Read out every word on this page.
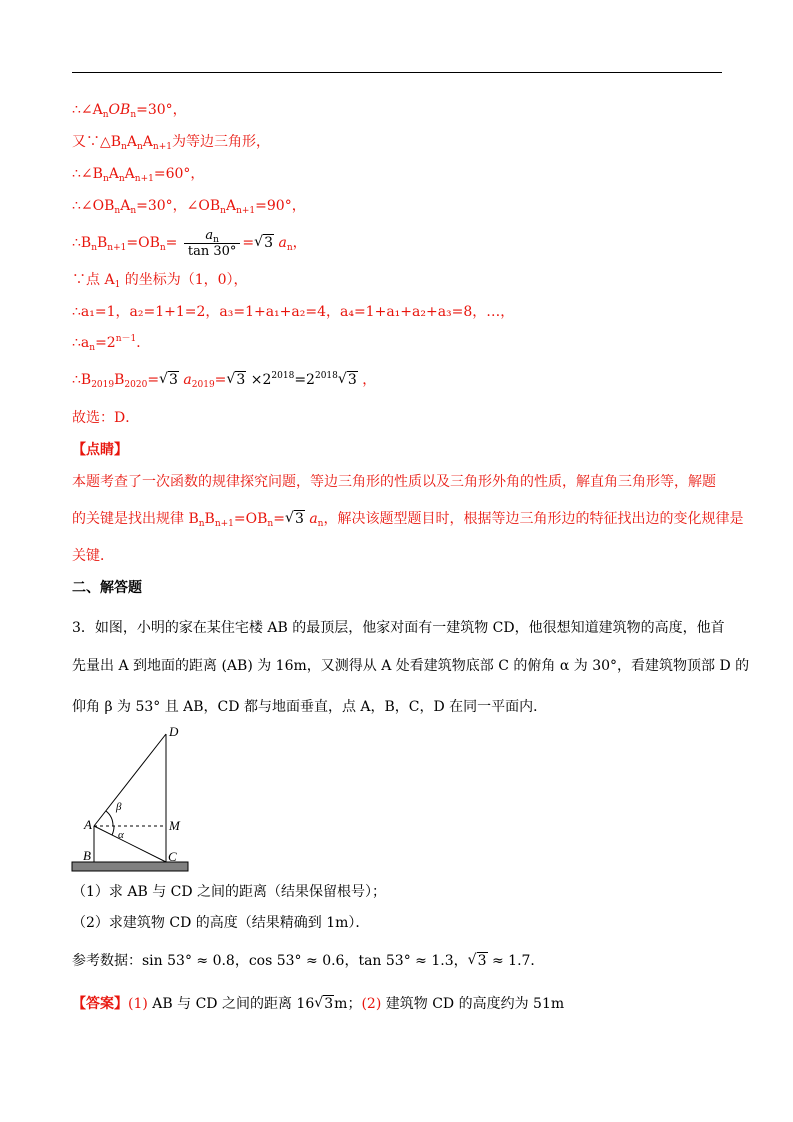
$\therefore\angle A_nOB_n=30^\circ$，
又$\because\triangle B_nA_nA_{n+1}$为等边三角形，
$\therefore\angle B_nA_nA_{n+1}=60^\circ$，
$\therefore\angle OB_nA_n=30^\circ$，$\angle OB_nA_{n+1}=90^\circ$，
$\therefore B_nB_{n+1}=OB_n= \frac{a_n}{\tan 30^\circ}$ =√ 3 $a_n$，
∵点 $A_1$ 的坐标为（1，0），
∴a₁=1，a₂=1+1=2，a₃=1+a₁+a₂=4，a₄=1+a₁+a₂+a₃=8，…，
$\therefore a_n=2^{n-1}$．
$\therefore B_{2019}B_{2020}=√$ 3 $a_{2019}=√$ $3 \times 2^{2018}=2^{2018}√$ 3 ，
故选：D．
【点睛】
本题考查了一次函数的规律探究问题，等边三角形的性质以及三角形外角的性质，解直角三角形等，解题
的关键是找出规律 $B_nB_{n+1}=OB_n=√$ 3 $a_n$，解决该题型题目时，根据等边三角形边的特征找出边的变化规律是
关键．
二、解答题
3．如图，小明的家在某住宅楼 AB 的最顶层，他家对面有一建筑物 CD，他很想知道建筑物的高度，他首
先量出 A 到地面的距离 (AB) 为 16m，又测得从 A 处看建筑物底部 C 的俯角 α 为 30°，看建筑物顶部 D 的
仰角 β 为 53° 且 AB，CD 都与地面垂直，点 A，B，C，D 在同一平面内．
D
A	M
B	C
β
α
（1）求 AB 与 CD 之间的距离（结果保留根号）；
（2）求建筑物 CD 的高度（结果精确到 1m）．
参考数据：sin 53° ≈ 0.8，cos 53° ≈ 0.6，tan 53° ≈ 1.3，√ 3 ≈ 1.7．
【答案】(1) AB 与 CD 之间的距离 16√ 3m；(2) 建筑物 CD 的高度约为 51m
